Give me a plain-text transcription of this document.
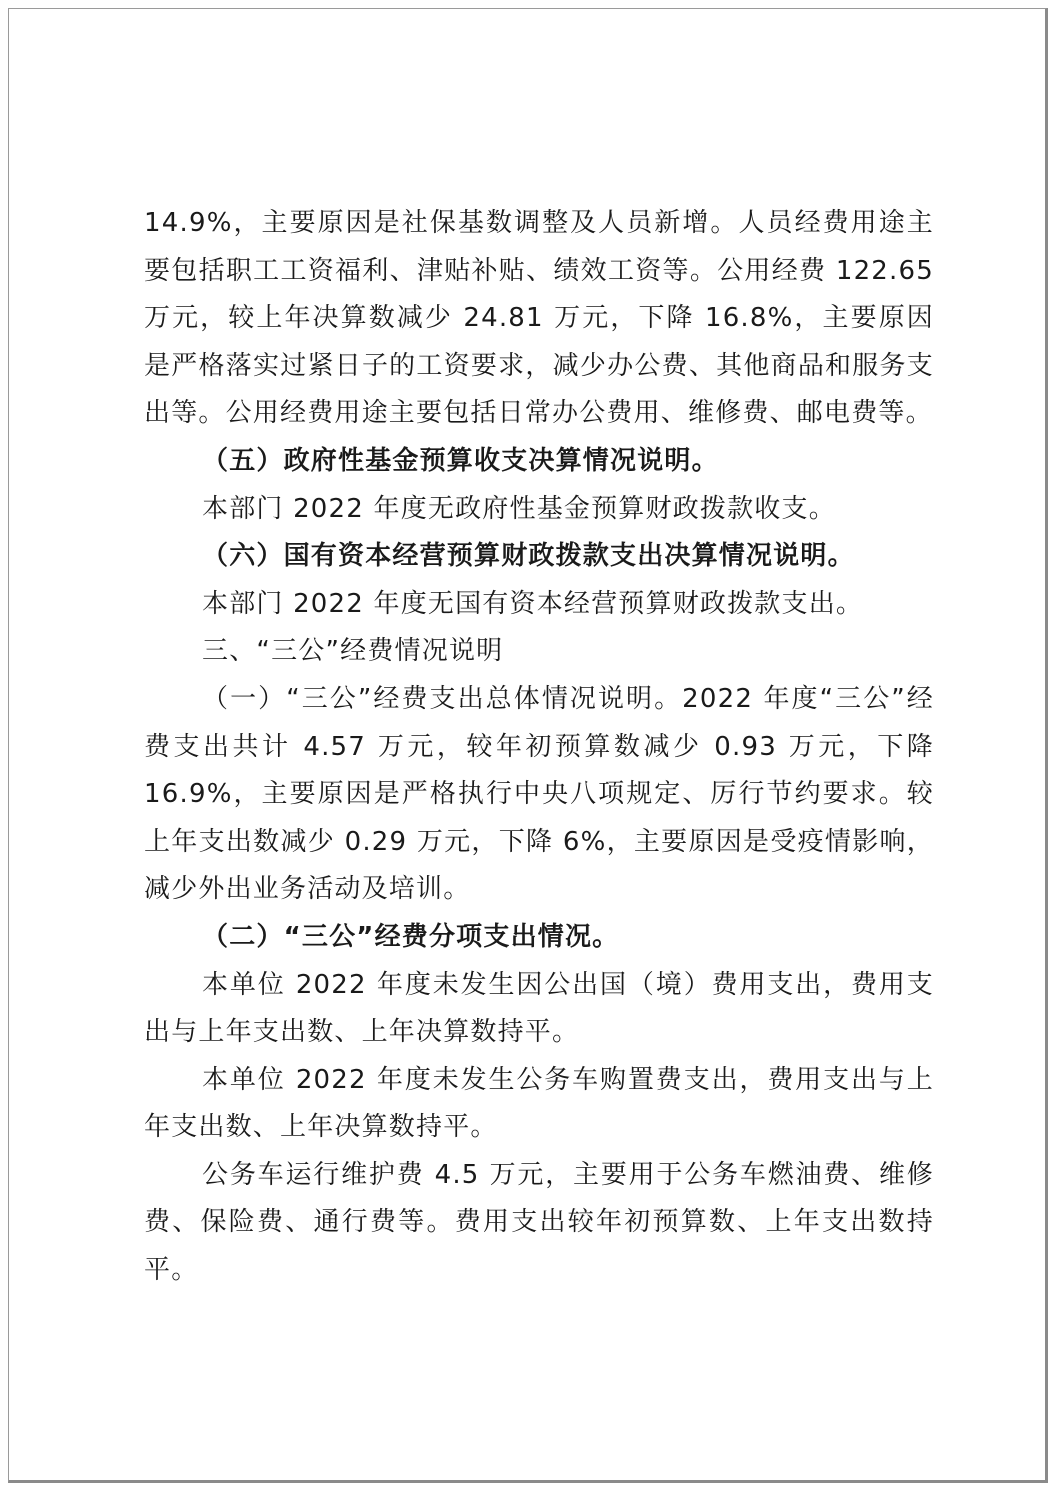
14.9%，主要原因是社保基数调整及人员新增。人员经费用途主要包括职工工资福利、津贴补贴、绩效工资等。公用经费 122.65 万元，较上年决算数减少 24.81 万元，下降 16.8%，主要原因是严格落实过紧日子的工资要求，减少办公费、其他商品和服务支出等。公用经费用途主要包括日常办公费用、维修费、邮电费等。

（五）政府性基金预算收支决算情况说明。

本部门 2022 年度无政府性基金预算财政拨款收支。

（六）国有资本经营预算财政拨款支出决算情况说明。

本部门 2022 年度无国有资本经营预算财政拨款支出。

三、“三公”经费情况说明

（一）“三公”经费支出总体情况说明。2022 年度“三公”经费支出共计 4.57 万元，较年初预算数减少 0.93 万元，下降 16.9%，主要原因是严格执行中央八项规定、厉行节约要求。较上年支出数减少 0.29 万元，下降 6%，主要原因是受疫情影响，减少外出业务活动及培训。

（二）“三公”经费分项支出情况。

本单位 2022 年度未发生因公出国（境）费用支出，费用支出与上年支出数、上年决算数持平。

本单位 2022 年度未发生公务车购置费支出，费用支出与上年支出数、上年决算数持平。

公务车运行维护费 4.5 万元，主要用于公务车燃油费、维修费、保险费、通行费等。费用支出较年初预算数、上年支出数持平。
